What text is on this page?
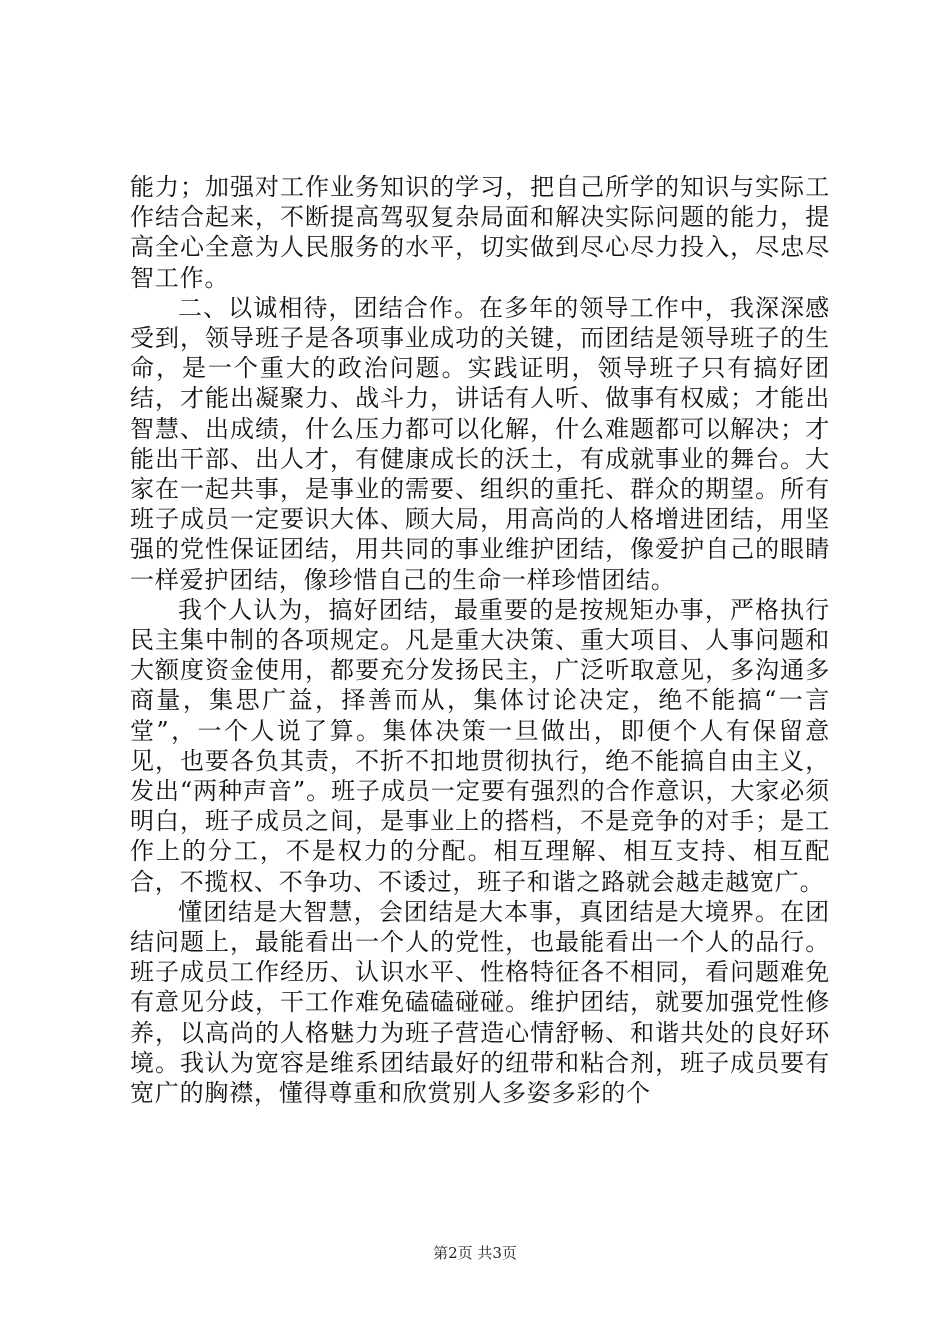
能力；加强对工作业务知识的学习，把自己所学的知识与实际工作结合起来，不断提高驾驭复杂局面和解决实际问题的能力，提高全心全意为人民服务的水平，切实做到尽心尽力投入，尽忠尽智工作。

二、以诚相待，团结合作。在多年的领导工作中，我深深感受到，领导班子是各项事业成功的关键，而团结是领导班子的生命，是一个重大的政治问题。实践证明，领导班子只有搞好团结，才能出凝聚力、战斗力，讲话有人听、做事有权威；才能出智慧、出成绩，什么压力都可以化解，什么难题都可以解决；才能出干部、出人才，有健康成长的沃土，有成就事业的舞台。大家在一起共事，是事业的需要、组织的重托、群众的期望。所有班子成员一定要识大体、顾大局，用高尚的人格增进团结，用坚强的党性保证团结，用共同的事业维护团结，像爱护自己的眼睛一样爱护团结，像珍惜自己的生命一样珍惜团结。

我个人认为，搞好团结，最重要的是按规矩办事，严格执行民主集中制的各项规定。凡是重大决策、重大项目、人事问题和大额度资金使用，都要充分发扬民主，广泛听取意见，多沟通多商量，集思广益，择善而从，集体讨论决定，绝不能搞“一言堂”，一个人说了算。集体决策一旦做出，即便个人有保留意见，也要各负其责，不折不扣地贯彻执行，绝不能搞自由主义，发出“两种声音”。班子成员一定要有强烈的合作意识，大家必须明白，班子成员之间，是事业上的搭档，不是竞争的对手；是工作上的分工，不是权力的分配。相互理解、相互支持、相互配合，不揽权、不争功、不诿过，班子和谐之路就会越走越宽广。

懂团结是大智慧，会团结是大本事，真团结是大境界。在团结问题上，最能看出一个人的党性，也最能看出一个人的品行。班子成员工作经历、认识水平、性格特征各不相同，看问题难免有意见分歧，干工作难免磕磕碰碰。维护团结，就要加强党性修养，以高尚的人格魅力为班子营造心情舒畅、和谐共处的良好环境。我认为宽容是维系团结最好的纽带和粘合剂，班子成员要有宽广的胸襟，懂得尊重和欣赏别人多姿多彩的个

第2页 共3页
